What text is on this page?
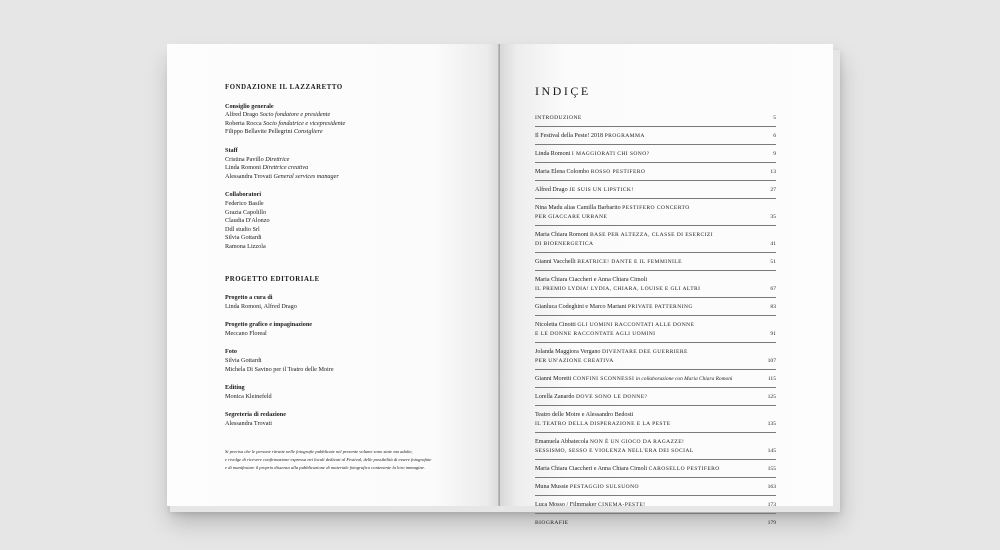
FONDAZIONE IL LAZZARETTO
Consiglio generale
Alfred Drago Socio fondatore e presidente
Roberta Rocca Socio fondatrice e vicepresidente
Filippo Bellavite Pellegrini Consigliere
Staff
Cristina Pavillo Direttrice
Linda Romoni Direttrice creativa
Alessandra Trovati General services manager
Collaboratori
Federico Basile
Grazia Capolillo
Claudia D'Alonzo
Ddl studio Srl
Silvia Gottardi
Ramona Lizzola
PROGETTO EDITORIALE
Progetto a cura di
Linda Romoni, Alfred Drago
Progetto grafico e impaginazione
Meccano Floreal
Foto
Silvia Gottardi
Michela Di Savino per il Teatro delle Moire
Editing
Monica Kleinefeld
Segreteria di redazione
Alessandra Trovati
Si precisa che le persone ritratte nelle fotografie pubblicate nel presente volume sono state ma adulte,
e rivolge di ricevere confirmazione espressa nei locali dedicati al Festival, delle possibilità di essere fotografate
e di manifestare il proprio dissenso alla pubblicazione di materiale fotografico contenente la loro immagine.
INDIÇE
INTRODUZIONE	5
Il Festival della Peste! 2018 PROGRAMMA	6
Linda Romoni I MAGGIORATI CHI SONO?	9
Maria Elena Colombo ROSSO PESTIFERO	13
Alfred Drago JE SUIS UN LIPSTICK!	27
Nina Madu alias Camilla Barbarito PESTIFERO CONCERTO
PER GIACCARE URBANE	35
Maria Chiara Romoni BASE PER ALTEZZA, CLASSE DI ESERCIZI
DI BIOENERGETICA	41
Gianni Vacchelli BEATRICE! DANTE E IL FEMMINILE	51
Maria Chiara Ciaccheri e Anna Chiara Cimoli
IL PREMIO LYDIA! LYDIA, CHIARA, LOUISE E GLI ALTRI	67
Gianluca Codeghini e Marco Mariani PRIVATE PATTERNING	83
Nicoletta Cinotti GLI UOMINI RACCONTATI ALLE DONNE
E LE DONNE RACCONTATE AGLI UOMINI	91
Jolanda Maggiora Vergano DIVENTARE DEE GUERRIERE
PER UN'AZIONE CREATIVA	107
Gianni Moretti CONFINI SCONNESSI in collaborazione con Maria Chiara Romoni	115
Lorella Zanardo DOVE SONO LE DONNE?	125
Teatro delle Moire e Alessandro Bedosti
IL TEATRO DELLA DISPERAZIONE E LA PESTE	135
Emanuela Abbatecola NON È UN GIOCO DA RAGAZZE!
SESSISMO, SESSO E VIOLENZA NELL'ERA DEI SOCIAL	145
Maria Chiara Ciaccheri e Anna Chiara Cimoli CAROSELLO PESTIFERO	155
Muna Mussie PESTAGGIO SULSUONO	163
Luca Mosso / Filmmaker CINEMA-PESTE!	173
BIOGRAFIE	179
